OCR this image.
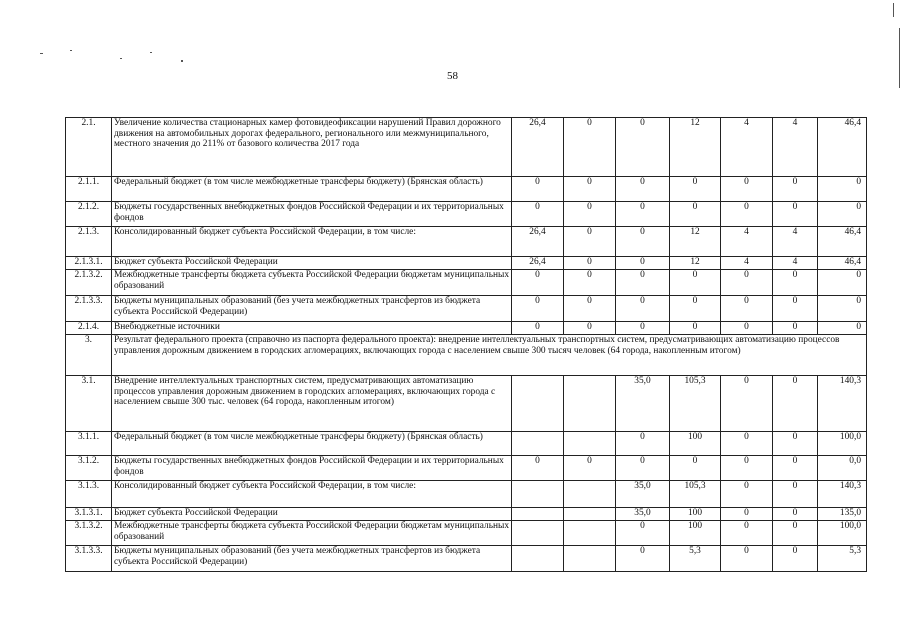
58
2.1.	Увеличение количества стационарных камер фотовидеофиксации нарушений Правил дорожного движения на автомобильных дорогах федерального, регионального или межмуниципального, местного значения до 211% от базового количества 2017 года	26,4	0	0	12	4	4	46,4
2.1.1.	Федеральный бюджет (в том числе межбюджетные трансферы бюджету) (Брянская область)	0	0	0	0	0	0	0
2.1.2.	Бюджеты государственных внебюджетных фондов Российской Федерации и их территориальных фондов	0	0	0	0	0	0	0
2.1.3.	Консолидированный бюджет субъекта Российской Федерации, в том числе:	26,4	0	0	12	4	4	46,4
2.1.3.1.	Бюджет субъекта Российской Федерации	26,4	0	0	12	4	4	46,4
2.1.3.2.	Межбюджетные трансферты бюджета субъекта Российской Федерации бюджетам муниципальных образований	0	0	0	0	0	0	0
2.1.3.3.	Бюджеты муниципальных образований (без учета межбюджетных трансфертов из бюджета субъекта Российской Федерации)	0	0	0	0	0	0	0
2.1.4.	Внебюджетные источники	0	0	0	0	0	0	0
3.	Результат федерального проекта (справочно из паспорта федерального проекта): внедрение интеллектуальных транспортных систем, предусматривающих автоматизацию процессов управления дорожным движением в городских агломерациях, включающих города с населением свыше 300 тысяч человек (64 города, накопленным итогом)							
3.1.	Внедрение интеллектуальных транспортных систем, предусматривающих автоматизацию процессов управления дорожным движением в городских агломерациях, включающих города с населением свыше 300 тыс. человек (64 города, накопленным итогом)			35,0	105,3	0	0	140,3
3.1.1.	Федеральный бюджет (в том числе межбюджетные трансферы бюджету) (Брянская область)			0	100	0	0	100,0
3.1.2.	Бюджеты государственных внебюджетных фондов Российской Федерации и их территориальных фондов	0	0	0	0	0	0	0,0
3.1.3.	Консолидированный бюджет субъекта Российской Федерации, в том числе:			35,0	105,3	0	0	140,3
3.1.3.1.	Бюджет субъекта Российской Федерации			35,0	100	0	0	135,0
3.1.3.2.	Межбюджетные трансферты бюджета субъекта Российской Федерации бюджетам муниципальных образований			0	100	0	0	100,0
3.1.3.3.	Бюджеты муниципальных образований (без учета межбюджетных трансфертов из бюджета субъекта Российской Федерации)			0	5,3	0	0	5,3
